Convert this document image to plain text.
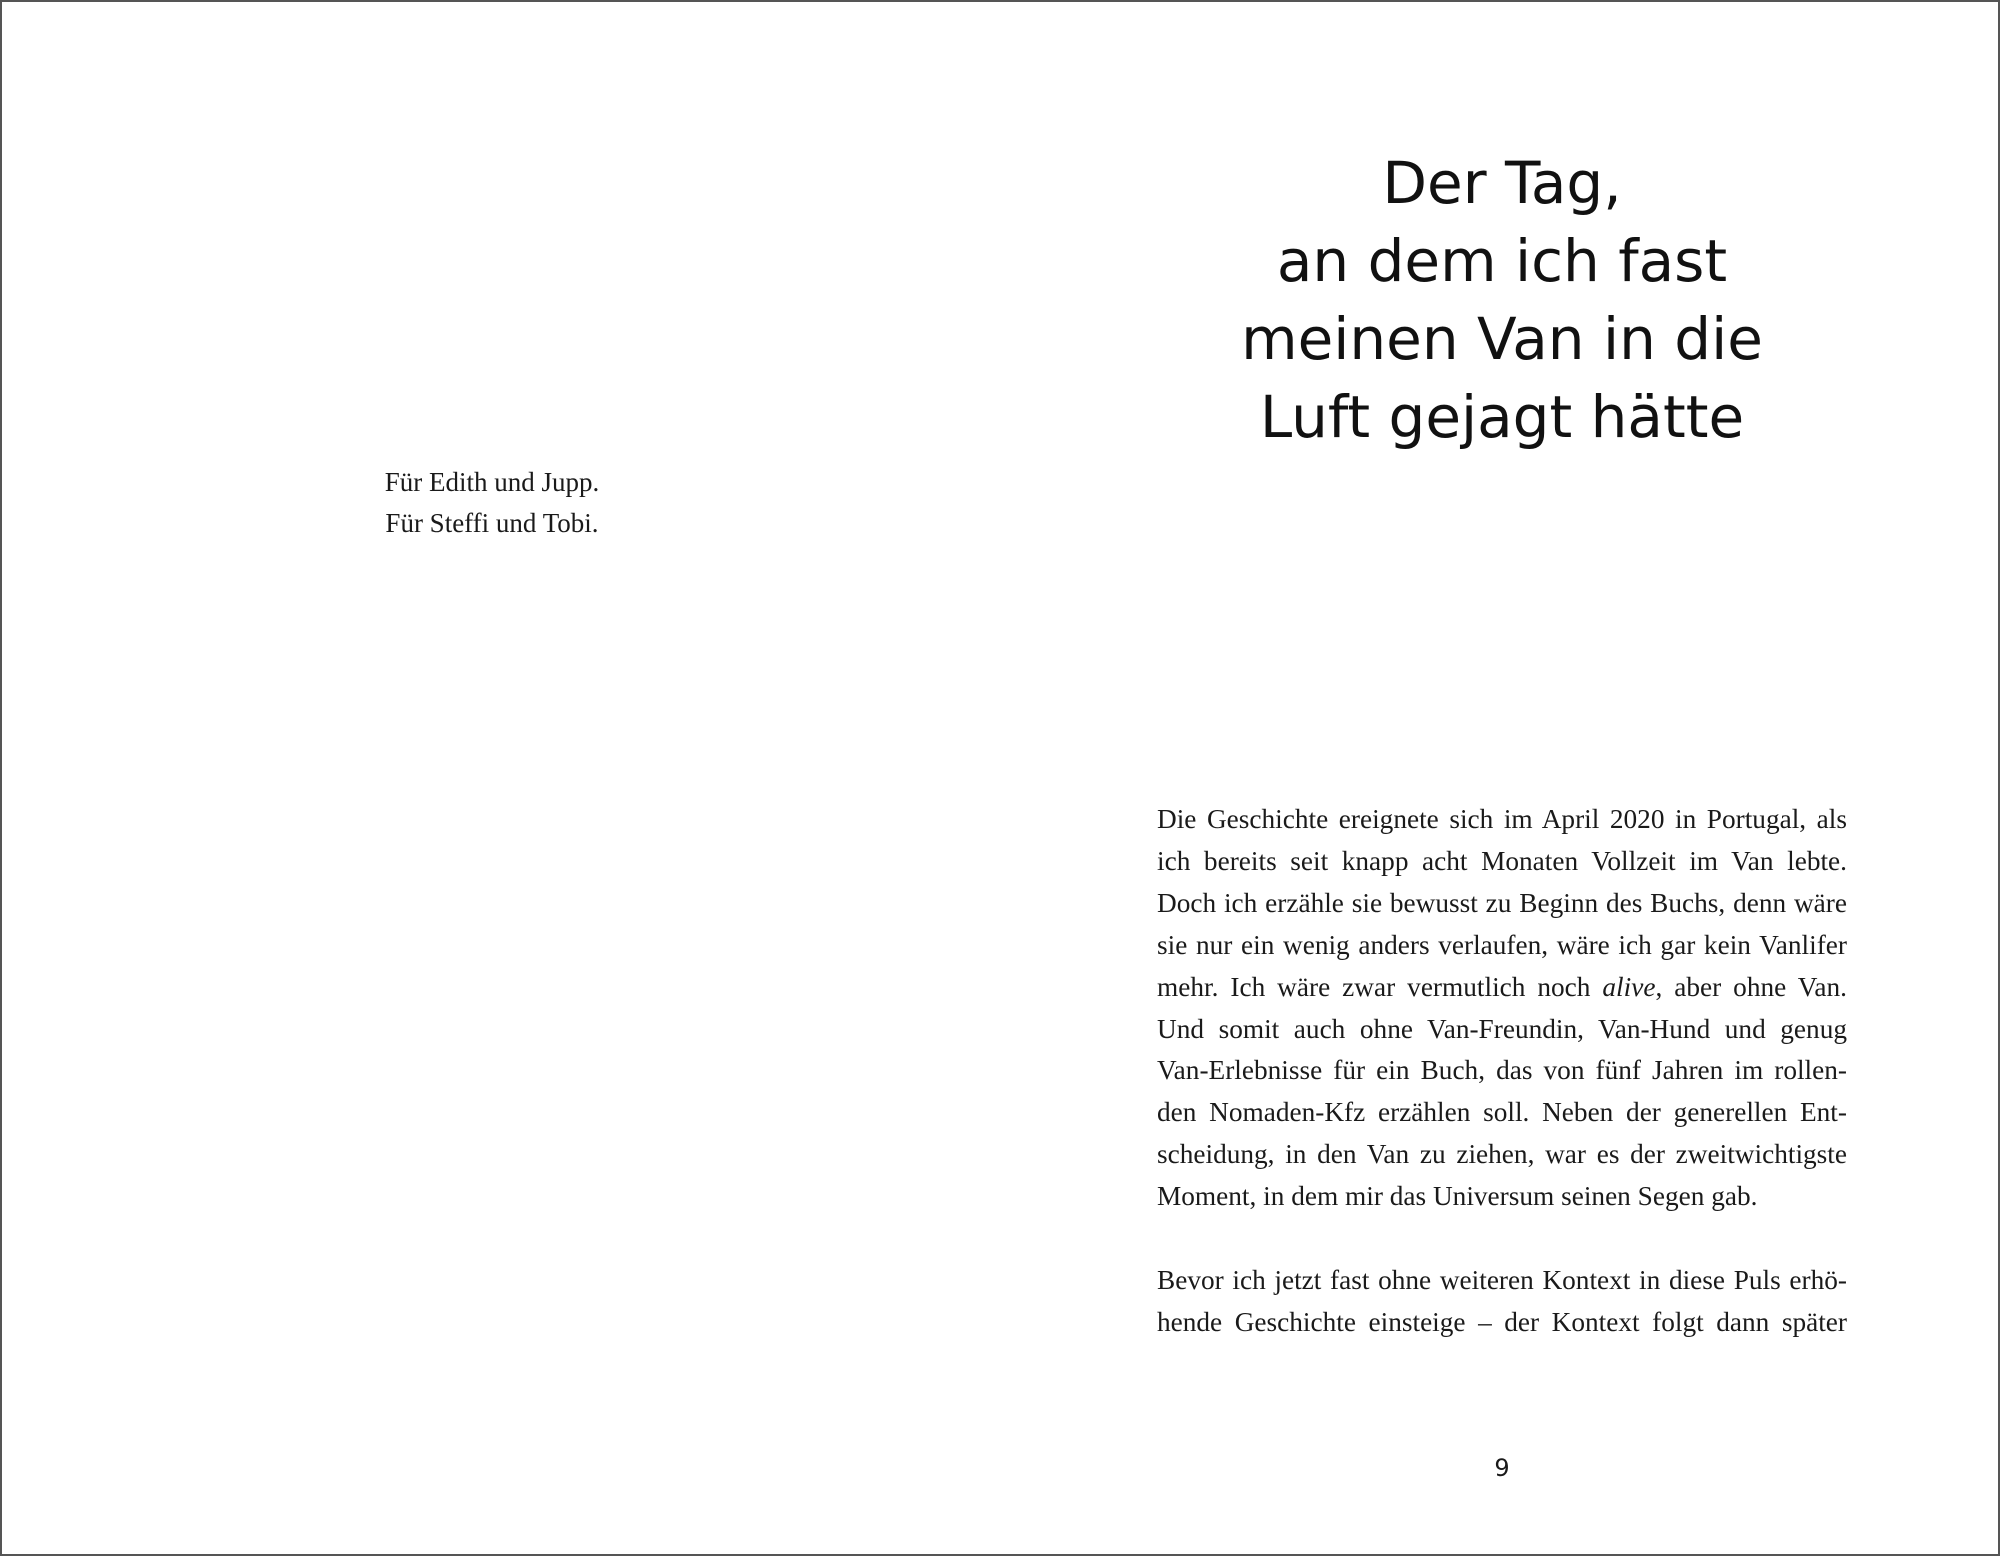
Für Edith und Jupp.
Für Steffi und Tobi.
Der Tag,
an dem ich fast
meinen Van in die
Luft gejagt hätte

Die Geschichte ereignete sich im April 2020 in Portugal, als
ich bereits seit knapp acht Monaten Vollzeit im Van lebte.
Doch ich erzähle sie bewusst zu Beginn des Buchs, denn wäre
sie nur ein wenig anders verlaufen, wäre ich gar kein Vanlifer
mehr. Ich wäre zwar vermutlich noch alive, aber ohne Van.
Und somit auch ohne Van-Freundin, Van-Hund und genug
Van-Erlebnisse für ein Buch, das von fünf Jahren im rollen-
den Nomaden-Kfz erzählen soll. Neben der generellen Ent-
scheidung, in den Van zu ziehen, war es der zweitwichtigste
Moment, in dem mir das Universum seinen Segen gab.

Bevor ich jetzt fast ohne weiteren Kontext in diese Puls erhö-
hende Geschichte einsteige – der Kontext folgt dann später

9
